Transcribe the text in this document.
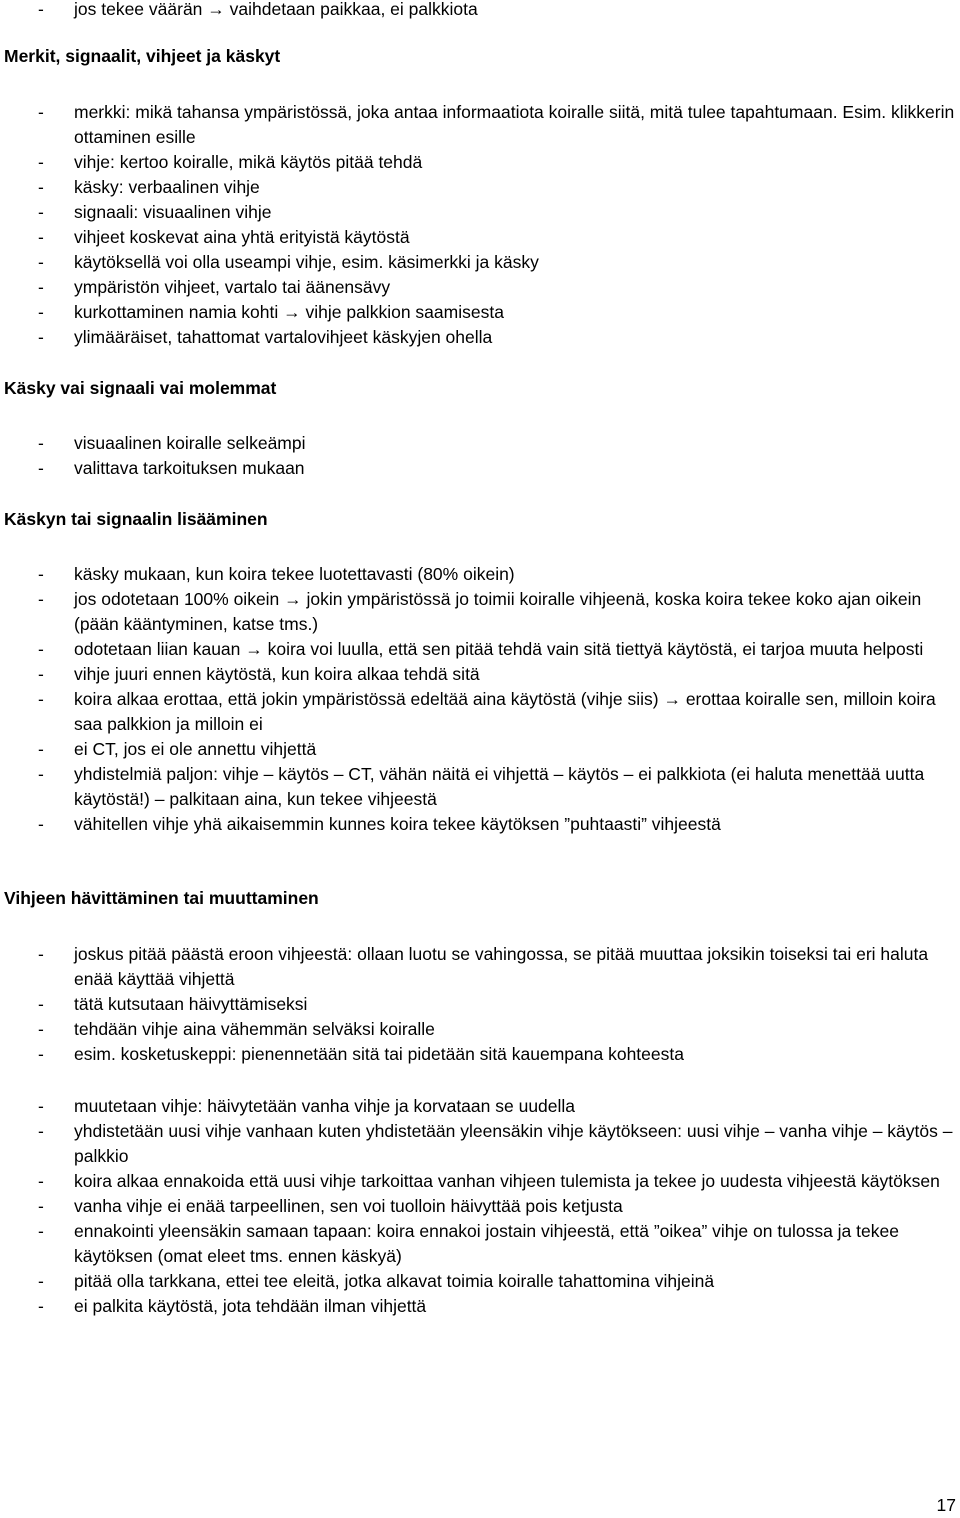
- jos tekee väärän → vaihdetaan paikkaa, ei palkkiota
Merkit, signaalit, vihjeet ja käskyt
- merkki: mikä tahansa ympäristössä, joka antaa informaatiota koiralle siitä, mitä tulee tapahtumaan. Esim. klikkerin ottaminen esille
- vihje: kertoo koiralle, mikä käytös pitää tehdä
- käsky: verbaalinen vihje
- signaali: visuaalinen vihje
- vihjeet koskevat aina yhtä erityistä käytöstä
- käytöksellä voi olla useampi vihje, esim. käsimerkki ja käsky
- ympäristön vihjeet, vartalo tai äänensävy
- kurkottaminen namia kohti → vihje palkkion saamisesta
- ylimääräiset, tahattomat vartalovihjeet käskyjen ohella
Käsky vai signaali vai molemmat
- visuaalinen koiralle selkeämpi
- valittava tarkoituksen mukaan
Käskyn tai signaalin lisääminen
- käsky mukaan, kun koira tekee luotettavasti (80% oikein)
- jos odotetaan 100% oikein → jokin ympäristössä jo toimii koiralle vihjeenä, koska koira tekee koko ajan oikein (pään kääntyminen, katse tms.)
- odotetaan liian kauan → koira voi luulla, että sen pitää tehdä vain sitä tiettyä käytöstä, ei tarjoa muuta helposti
- vihje juuri ennen käytöstä, kun koira alkaa tehdä sitä
- koira alkaa erottaa, että jokin ympäristössä edeltää aina käytöstä (vihje siis) → erottaa koiralle sen, milloin koira saa palkkion ja milloin ei
- ei CT, jos ei ole annettu vihjettä
- yhdistelmiä paljon: vihje – käytös – CT, vähän näitä ei vihjettä – käytös – ei palkkiota (ei haluta menettää uutta käytöstä!) – palkitaan aina, kun tekee vihjeestä
- vähitellen vihje yhä aikaisemmin kunnes koira tekee käytöksen ”puhtaasti” vihjeestä
Vihjeen hävittäminen tai muuttaminen
- joskus pitää päästä eroon vihjeestä: ollaan luotu se vahingossa, se pitää muuttaa joksikin toiseksi tai eri haluta enää käyttää vihjettä
- tätä kutsutaan häivyttämiseksi
- tehdään vihje aina vähemmän selväksi koiralle
- esim. kosketuskeppi: pienennetään sitä tai pidetään sitä kauempana kohteesta
- muutetaan vihje: häivytetään vanha vihje ja korvataan se uudella
- yhdistetään uusi vihje vanhaan kuten yhdistetään yleensäkin vihje käytökseen: uusi vihje – vanha vihje – käytös – palkkio
- koira alkaa ennakoida että uusi vihje tarkoittaa vanhan vihjeen tulemista ja tekee jo uudesta vihjeestä käytöksen
- vanha vihje ei enää tarpeellinen, sen voi tuolloin häivyttää pois ketjusta
- ennakointi yleensäkin samaan tapaan: koira ennakoi jostain vihjeestä, että ”oikea” vihje on tulossa ja tekee käytöksen (omat eleet tms. ennen käskyä)
- pitää olla tarkkana, ettei tee eleitä, jotka alkavat toimia koiralle tahattomina vihjeinä
- ei palkita käytöstä, jota tehdään ilman vihjettä
17
